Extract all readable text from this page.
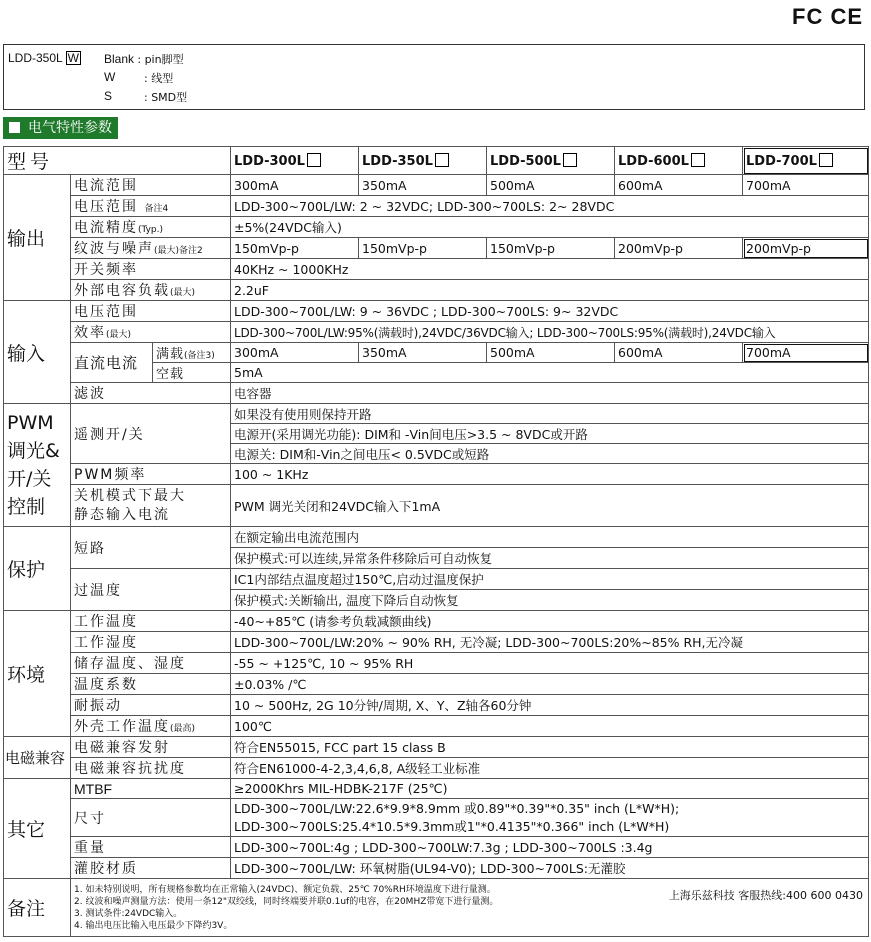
FC CE
LDD-350L W Blank : pin脚型
W	: 线型
S	: SMD型
电气特性参数
型号			LDD-300L	LDD-350L	LDD-500L	LDD-600L	LDD-700L
输出	电流范围		300mA	350mA	500mA	600mA	700mA
	电压范围 备注4		LDD-300~700L/LW: 2 ~ 32VDC; LDD-300~700LS: 2~ 28VDC				
	电流精度(Typ.)		±5%(24VDC输入)				
	纹波与噪声(最大)备注2		150mVp-p	150mVp-p	150mVp-p	200mVp-p	200mVp-p
	开关频率		40KHz ~ 1000KHz				
	外部电容负载(最大)		2.2uF				
输入	电压范围		LDD-300~700L/LW: 9 ~ 36VDC ; LDD-300~700LS: 9~ 32VDC				
	效率(最大)		LDD-300~700L/LW:95%(满载时),24VDC/36VDC输入; LDD-300~700LS:95%(满载时),24VDC输入				
	直流电流	满载(备注3)	300mA	350mA	500mA	600mA	700mA
		空载	5mA				
	滤波		电容器				

PWM
调光&
开/关
控制	遥测开/关		如果没有使用则保持开路				
			电源开(采用调光功能): DIM和 -Vin间电压>3.5 ~ 8VDC或开路				
			电源关: DIM和-Vin之间电压< 0.5VDC或短路				
	PWM频率		100 ~ 1KHz				

	关机模式下最大
静态输入电流		PWM 调光关闭和24VDC输入下1mA				
保护	短路		在额定输出电流范围内				
			保护模式:可以连续,异常条件移除后可自动恢复				
	过温度		IC1内部结点温度超过150℃,启动过温度保护				
			保护模式:关断输出, 温度下降后自动恢复				
环境	工作温度		-40~+85℃ (请参考负载减额曲线)				
	工作湿度		LDD-300~700L/LW:20% ~ 90% RH, 无冷凝; LDD-300~700LS:20%~85% RH,无冷凝				
	储存温度、湿度		-55 ~ +125℃, 10 ~ 95% RH				
	温度系数		±0.03% /℃				
	耐振动		10 ~ 500Hz, 2G 10分钟/周期, X、Y、Z轴各60分钟				
	外壳工作温度(最高)		100℃				
电磁兼容	电磁兼容发射		符合EN55015, FCC part 15 class B				
	电磁兼容抗扰度		符合EN61000-4-2,3,4,6,8, A级轻工业标准				
其它	MTBF		≥2000Khrs MIL-HDBK-217F (25℃)				
	尺寸		LDD-300~700L/LW:22.6*9.9*8.9mm 或0.89"*0.39"*0.35" inch (L*W*H);
LDD-300~700LS:25.4*10.5*9.3mm或1"*0.4135"*0.366" inch (L*W*H)				

	重量		LDD-300~700L:4g ; LDD-300~700LW:7.3g ; LDD-300~700LS :3.4g				
	灌胶材质		LDD-300~700L/LW: 环氧树脂(UL94-V0); LDD-300~700LS:无灌胶				
备注	1. 如未特别说明，所有规格参数均在正常输入(24VDC)、额定负载、25℃ 70%RH环境温度下进行量测。
2. 纹波和噪声测量方法：使用一条12"双绞线，同时终端要并联0.1uf的电容，在20MHZ带宽下进行量测。
3. 测试条件:24VDC输入。
4. 输出电压比输入电压最少下降约3V。						
上海乐兹科技 客服热线:400 600 0430
